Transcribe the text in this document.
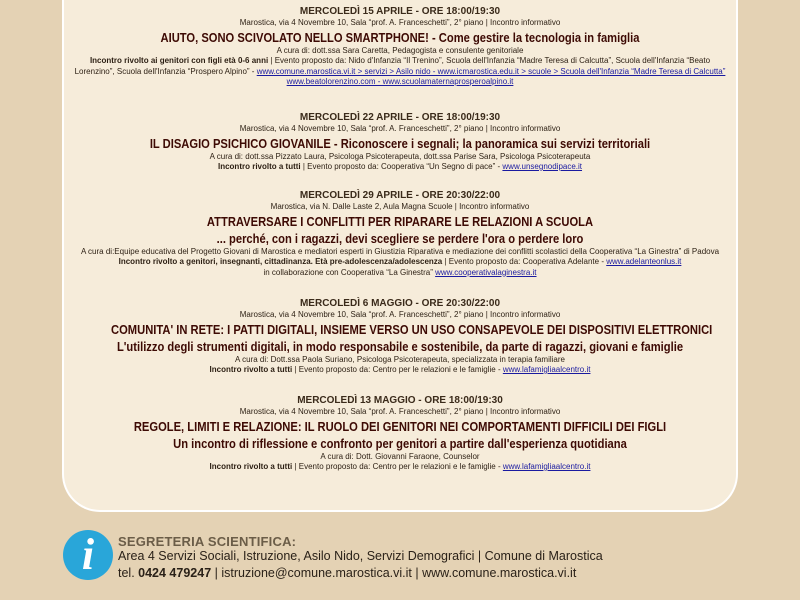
MERCOLEDÌ 15 APRILE - ORE 18:00/19:30
Marostica, via 4 Novembre 10, Sala “prof. A. Franceschetti”, 2° piano | Incontro informativo
AIUTO, SONO SCIVOLATO NELLO SMARTPHONE! - Come gestire la tecnologia in famiglia
A cura di: dott.ssa Sara Caretta, Pedagogista e consulente genitoriale
Incontro rivolto ai genitori con figli età 0-6 anni | Evento proposto da: Nido d'Infanzia “Il Trenino”, Scuola dell'Infanzia “Madre Teresa di Calcutta”, Scuola dell'Infanzia “Beato
Lorenzino”, Scuola dell'Infanzia “Prospero Alpino” - www.comune.marostica.vi.it > servizi > Asilo nido - www.icmarostica.edu.it > scuole > Scuola dell'Infanzia “Madre Teresa di Calcutta”
www.beatolorenzino.com - www.scuolamaternaprosperoalpino.it
MERCOLEDÌ 22 APRILE - ORE 18:00/19:30
Marostica, via 4 Novembre 10, Sala “prof. A. Franceschetti”, 2° piano | Incontro informativo
IL DISAGIO PSICHICO GIOVANILE - Riconoscere i segnali; la panoramica sui servizi territoriali
A cura di: dott.ssa Pizzato Laura, Psicologa Psicoterapeuta, dott.ssa Parise Sara, Psicologa Psicoterapeuta
Incontro rivolto a tutti | Evento proposto da: Cooperativa “Un Segno di pace” - www.unsegnodipace.it
MERCOLEDÌ 29 APRILE - ORE 20:30/22:00
Marostica, via N. Dalle Laste 2, Aula Magna Scuole | Incontro informativo
ATTRAVERSARE I CONFLITTI PER RIPARARE LE RELAZIONI A SCUOLA
... perché, con i ragazzi, devi scegliere se perdere l'ora o perdere loro
A cura di:Equipe educativa del Progetto Giovani di Marostica e mediatori esperti in Giustizia Riparativa e mediazione dei conflitti scolastici della Cooperativa “La Ginestra” di Padova
Incontro rivolto a genitori, insegnanti, cittadinanza. Età pre-adolescenza/adolescenza | Evento proposto da: Cooperativa Adelante - www.adelanteonlus.it
in collaborazione con Cooperativa “La Ginestra” www.cooperativalaginestra.it
MERCOLEDÌ 6 MAGGIO - ORE 20:30/22:00
Marostica, via 4 Novembre 10, Sala “prof. A. Franceschetti”, 2° piano | Incontro informativo
COMUNITA' IN RETE: I PATTI DIGITALI, INSIEME VERSO UN USO CONSAPEVOLE DEI DISPOSITIVI ELETTRONICI
L'utilizzo degli strumenti digitali, in modo responsabile e sostenibile, da parte di ragazzi, giovani e famiglie
A cura di: Dott.ssa Paola Suriano, Psicologa Psicoterapeuta, specializzata in terapia familiare
Incontro rivolto a tutti | Evento proposto da: Centro per le relazioni e le famiglie - www.lafamigliaalcentro.it
MERCOLEDÌ 13 MAGGIO - ORE 18:00/19:30
Marostica, via 4 Novembre 10, Sala “prof. A. Franceschetti”, 2° piano | Incontro informativo
REGOLE, LIMITI E RELAZIONE: IL RUOLO DEI GENITORI NEI COMPORTAMENTI DIFFICILI DEI FIGLI
Un incontro di riflessione e confronto per genitori a partire dall'esperienza quotidiana
A cura di: Dott. Giovanni Faraone, Counselor
Incontro rivolto a tutti | Evento proposto da: Centro per le relazioni e le famiglie - www.lafamigliaalcentro.it
i	SEGRETERIA SCIENTIFICA:
Area 4 Servizi Sociali, Istruzione, Asilo Nido, Servizi Demografici | Comune di Marostica
tel. 0424 479247 | istruzione@comune.marostica.vi.it | www.comune.marostica.vi.it
